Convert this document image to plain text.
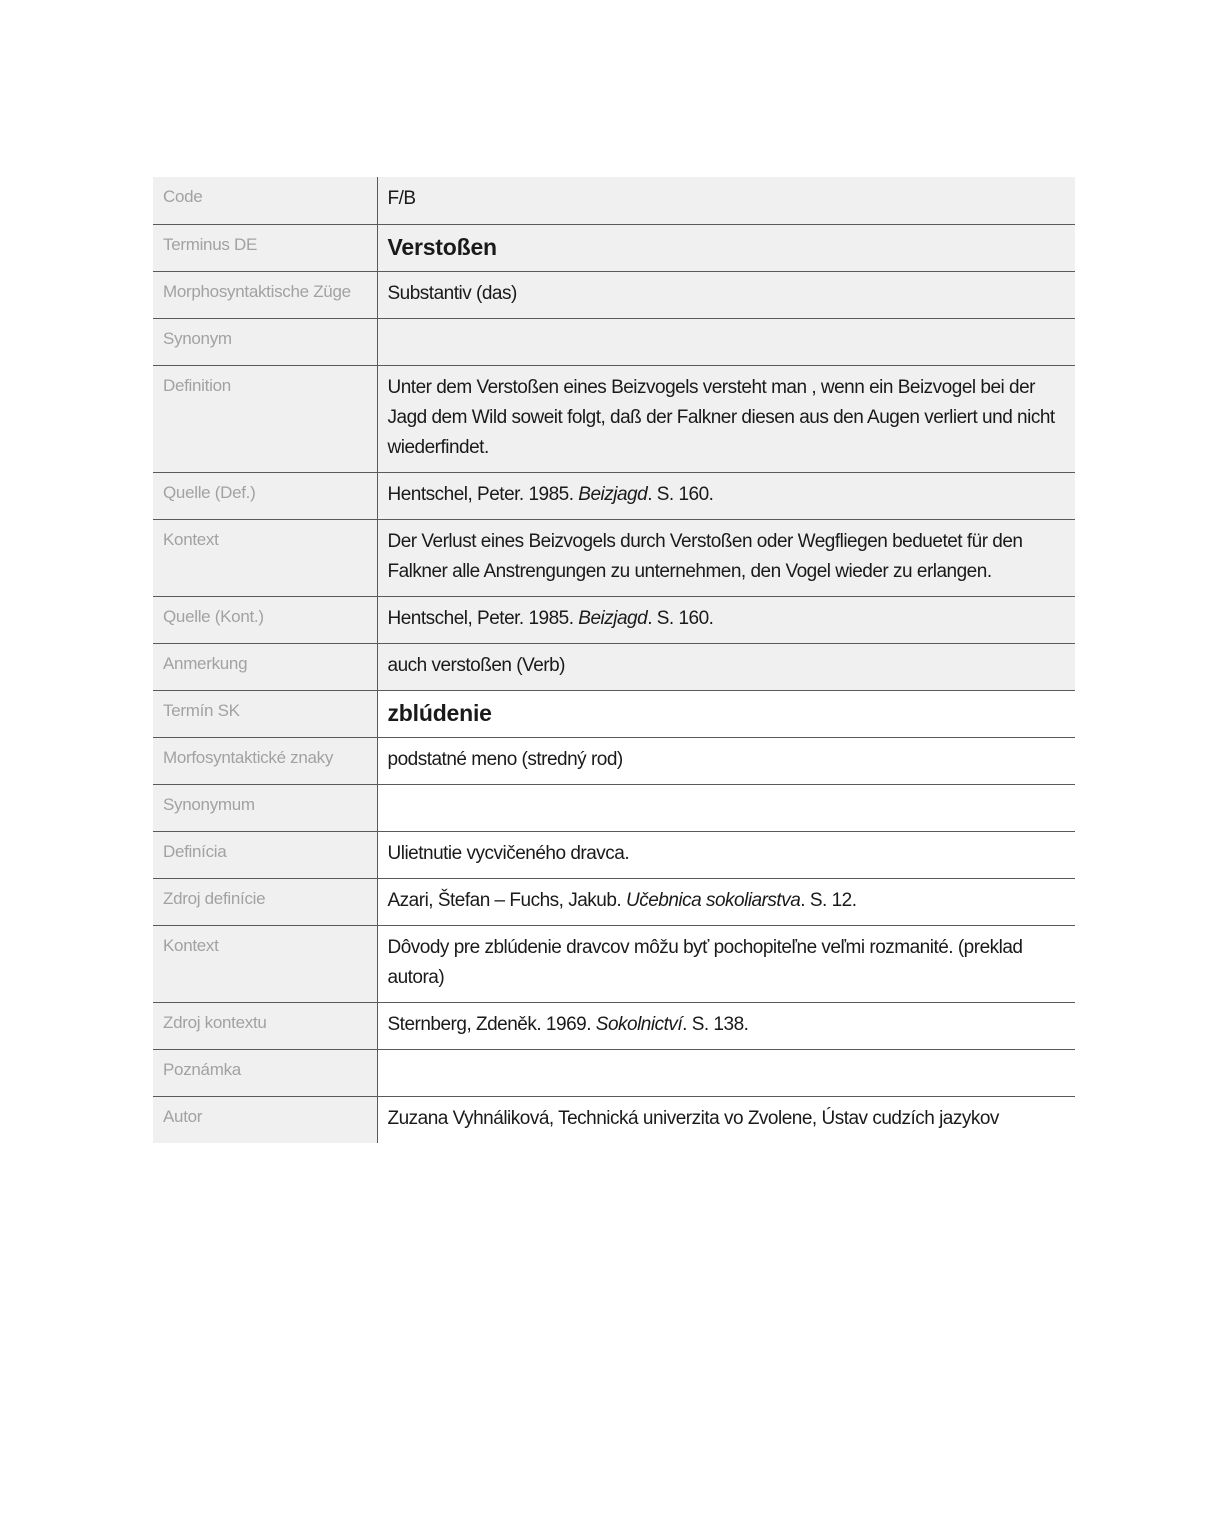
Code	F/B
Terminus DE	Verstoßen
Morphosyntaktische Züge	Substantiv (das)
Synonym	
Definition	Unter dem Verstoßen eines Beizvogels versteht man , wenn ein Beizvogel bei der Jagd dem Wild soweit folgt, daß der Falkner diesen aus den Augen verliert und nicht wiederfindet.
Quelle (Def.)	Hentschel, Peter. 1985. Beizjagd. S. 160.
Kontext	Der Verlust eines Beizvogels durch Verstoßen oder Wegfliegen beduetet für den Falkner alle Anstrengungen zu unternehmen, den Vogel wieder zu erlangen.
Quelle (Kont.)	Hentschel, Peter. 1985. Beizjagd. S. 160.
Anmerkung	auch verstoßen (Verb)
Termín SK	zblúdenie
Morfosyntaktické znaky	podstatné meno (stredný rod)
Synonymum	
Definícia	Ulietnutie vycvičeného dravca.
Zdroj definície	Azari, Štefan – Fuchs, Jakub. Učebnica sokoliarstva. S. 12.
Kontext	Dôvody pre zblúdenie dravcov môžu byť pochopiteľne veľmi rozmanité. (preklad autora)
Zdroj kontextu	Sternberg, Zdeněk. 1969. Sokolnictví. S. 138.
Poznámka	
Autor	Zuzana Vyhnáliková, Technická univerzita vo Zvolene, Ústav cudzích jazykov
